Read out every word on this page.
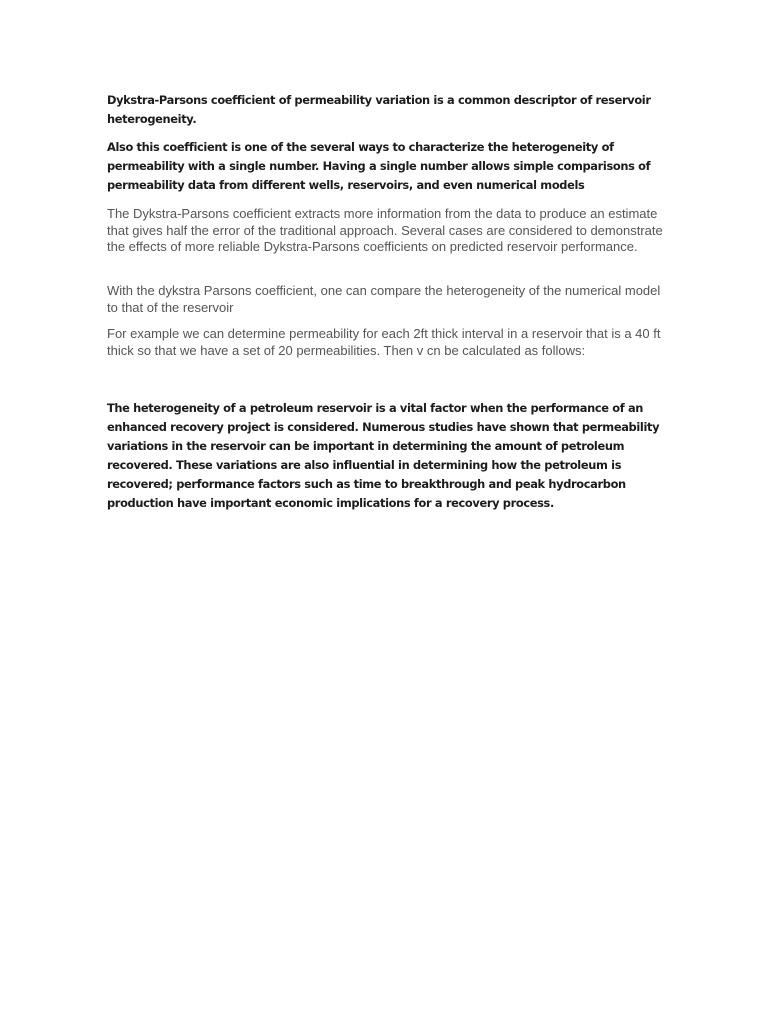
Dykstra-Parsons coefficient of permeability variation is a common descriptor of reservoir heterogeneity.

Also this coefficient is one of the several ways to characterize the heterogeneity of permeability with a single number. Having a single number allows simple comparisons of permeability data from different wells, reservoirs, and even numerical models

The Dykstra-Parsons coefficient extracts more information from the data to produce an estimate that gives half the error of the traditional approach. Several cases are considered to demonstrate the effects of more reliable Dykstra-Parsons coefficients on predicted reservoir performance.

With the dykstra Parsons coefficient, one can compare the heterogeneity of the numerical model to that of the reservoir

For example we can determine permeability for each 2ft thick interval in a reservoir that is a 40 ft thick so that we have a set of 20 permeabilities. Then v cn be calculated as follows:

The heterogeneity of a petroleum reservoir is a vital factor when the performance of an enhanced recovery project is considered. Numerous studies have shown that permeability variations in the reservoir can be important in determining the amount of petroleum recovered. These variations are also influential in determining how the petroleum is recovered; performance factors such as time to breakthrough and peak hydrocarbon production have important economic implications for a recovery process.
